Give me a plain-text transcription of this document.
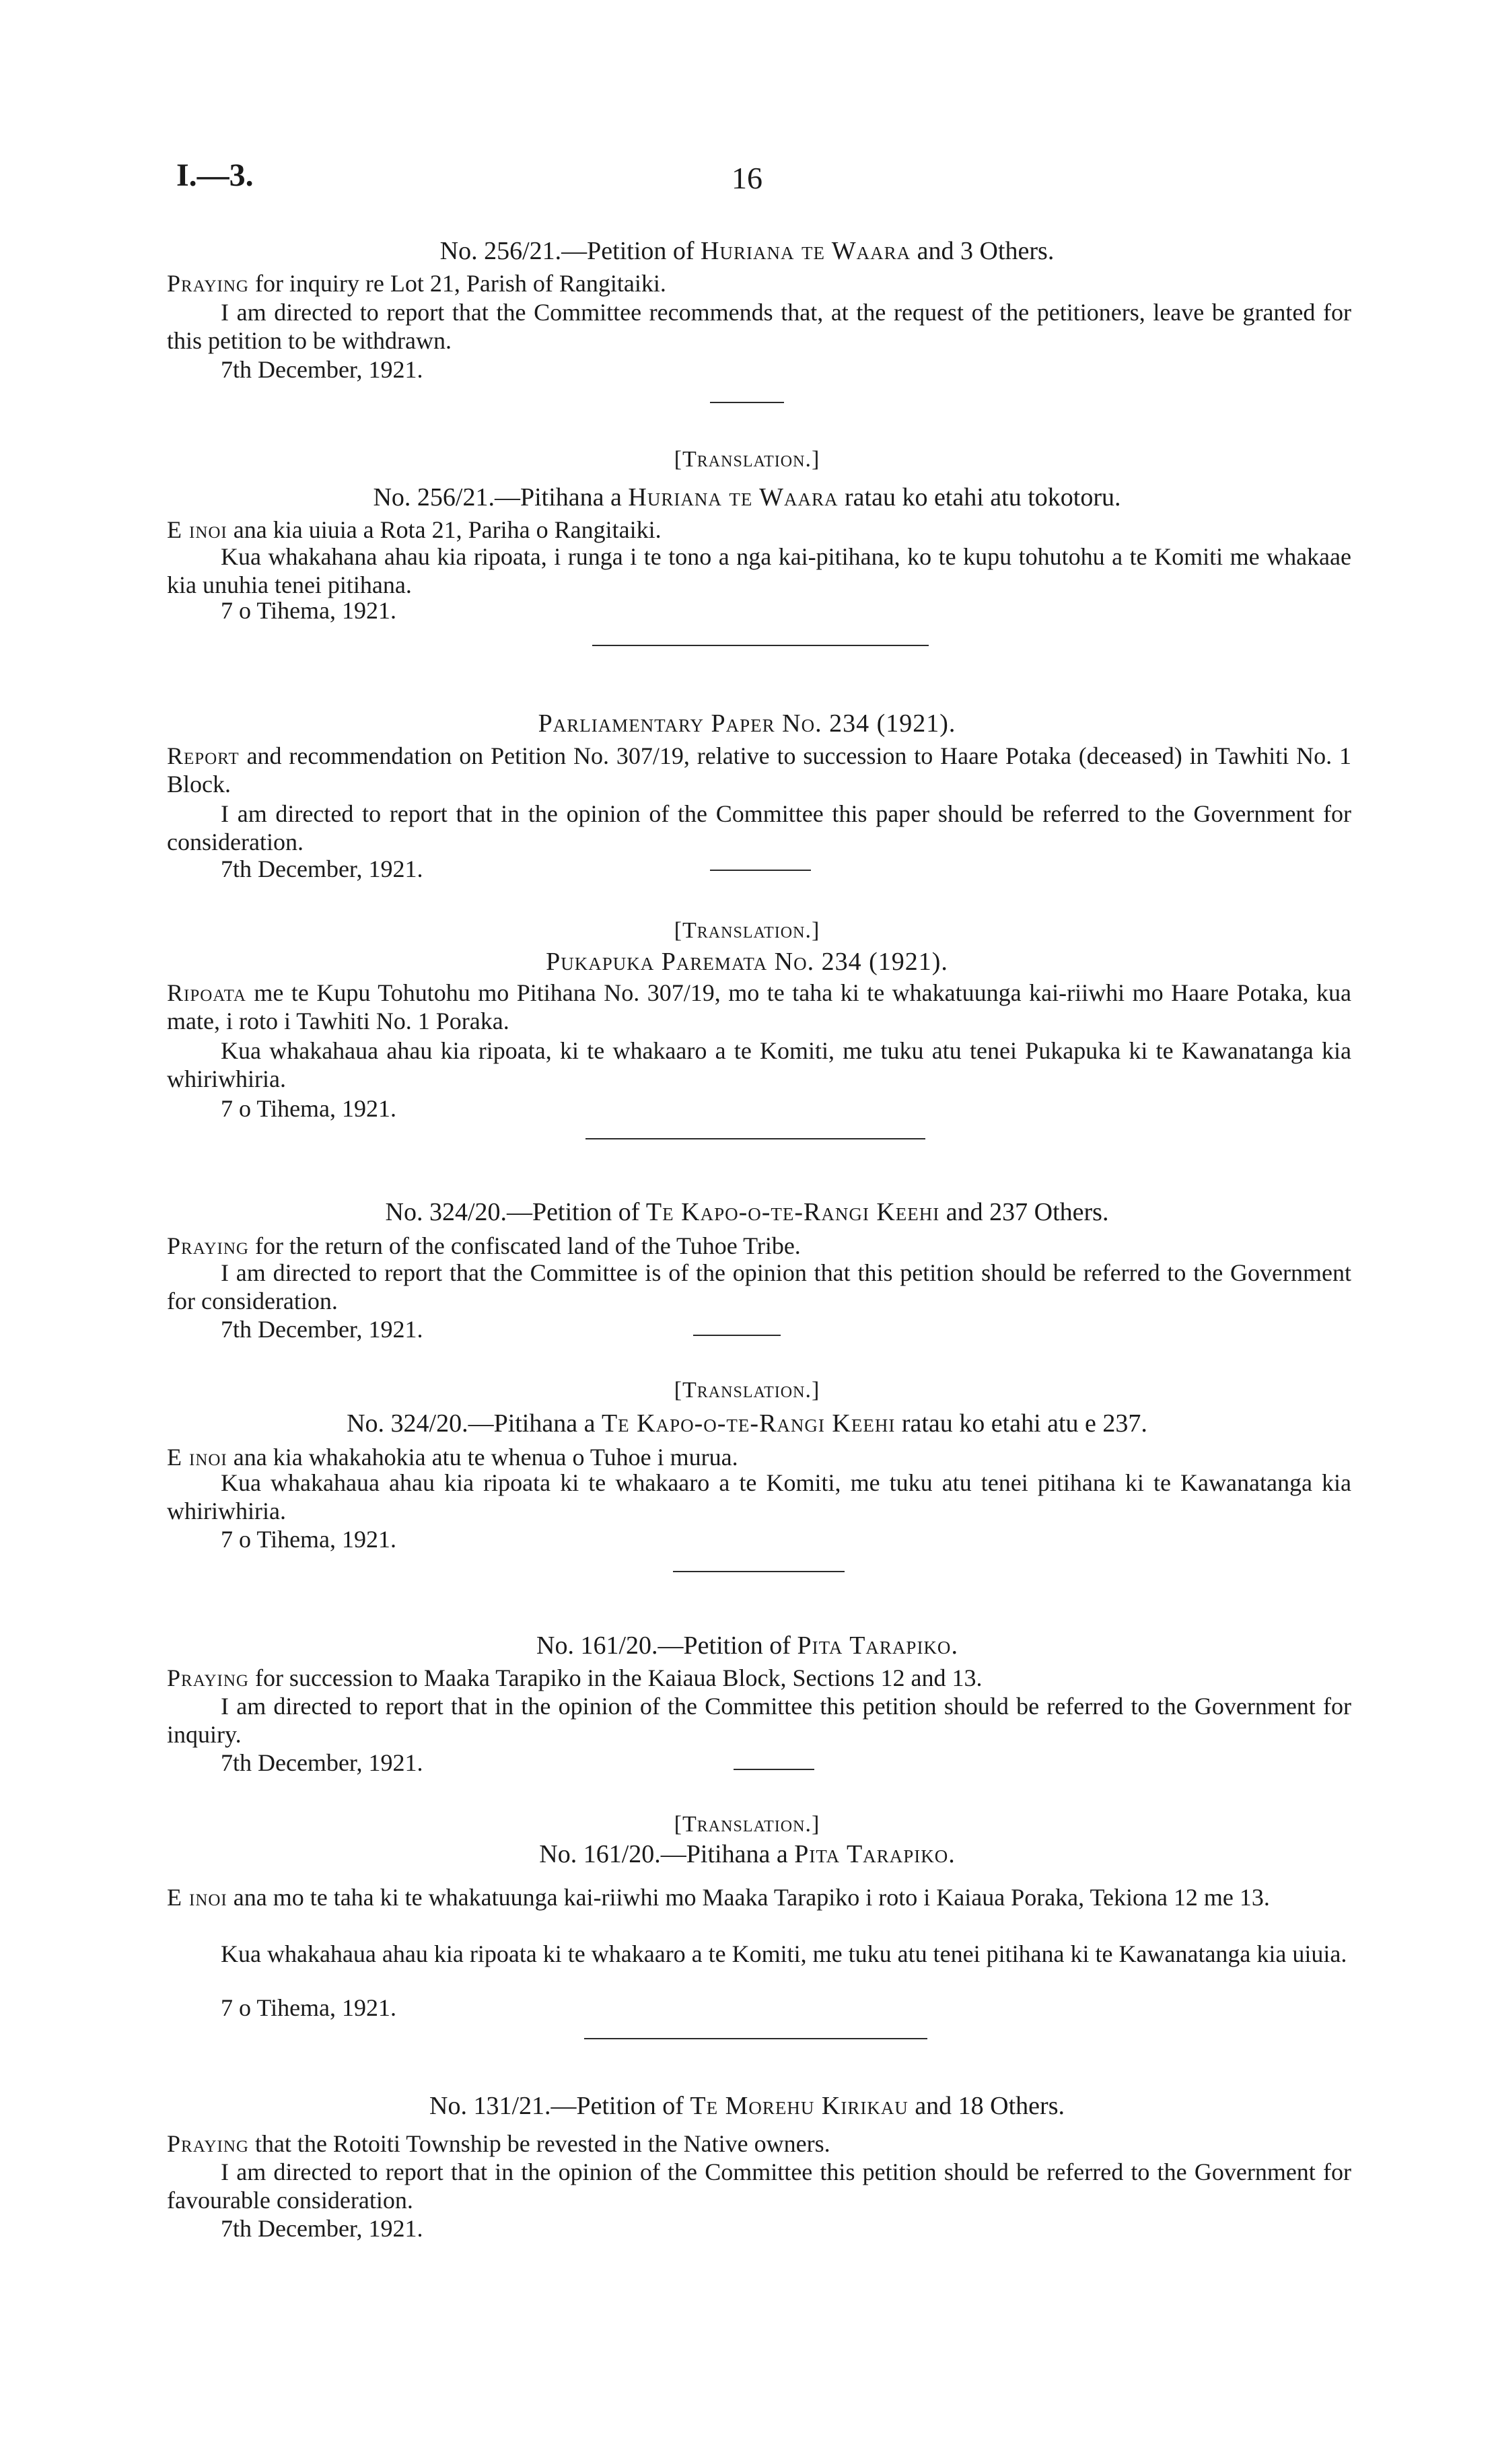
I.—3.	16
No. 256/21.—Petition of Huriana te Waara and 3 Others.
Praying for inquiry re Lot 21, Parish of Rangitaiki.
I am directed to report that the Committee recommends that, at the request of the petitioners, leave be granted for this petition to be withdrawn.
7th December, 1921.
[Translation.]
No. 256/21.—Pitihana a Huriana te Waara ratau ko etahi atu tokotoru.
E inoi ana kia uiuia a Rota 21, Pariha o Rangitaiki.
Kua whakahana ahau kia ripoata, i runga i te tono a nga kai-pitihana, ko te kupu tohutohu a te Komiti me whakaae kia unuhia tenei pitihana.
7 o Tihema, 1921.
Parliamentary Paper No. 234 (1921).
Report and recommendation on Petition No. 307/19, relative to succession to Haare Potaka (deceased) in Tawhiti No. 1 Block.
I am directed to report that in the opinion of the Committee this paper should be referred to the Government for consideration.
7th December, 1921.
[Translation.]
Pukapuka Paremata No. 234 (1921).
Ripoata me te Kupu Tohutohu mo Pitihana No. 307/19, mo te taha ki te whakatuunga kai-riiwhi mo Haare Potaka, kua mate, i roto i Tawhiti No. 1 Poraka.
Kua whakahaua ahau kia ripoata, ki te whakaaro a te Komiti, me tuku atu tenei Pukapuka ki te Kawanatanga kia whiriwhiria.
7 o Tihema, 1921.
No. 324/20.—Petition of Te Kapo-o-te-Rangi Keehi and 237 Others.
Praying for the return of the confiscated land of the Tuhoe Tribe.
I am directed to report that the Committee is of the opinion that this petition should be referred to the Government for consideration.
7th December, 1921.
[Translation.]
No. 324/20.—Pitihana a Te Kapo-o-te-Rangi Keehi ratau ko etahi atu e 237.
E inoi ana kia whakahokia atu te whenua o Tuhoe i murua.
Kua whakahaua ahau kia ripoata ki te whakaaro a te Komiti, me tuku atu tenei pitihana ki te Kawanatanga kia whiriwhiria.
7 o Tihema, 1921.
No. 161/20.—Petition of Pita Tarapiko.
Praying for succession to Maaka Tarapiko in the Kaiaua Block, Sections 12 and 13.
I am directed to report that in the opinion of the Committee this petition should be referred to the Government for inquiry.
7th December, 1921.
[Translation.]
No. 161/20.—Pitihana a Pita Tarapiko.
E inoi ana mo te taha ki te whakatuunga kai-riiwhi mo Maaka Tarapiko i roto i Kaiaua Poraka, Tekiona 12 me 13.
Kua whakahaua ahau kia ripoata ki te whakaaro a te Komiti, me tuku atu tenei pitihana ki te Kawanatanga kia uiuia.
7 o Tihema, 1921.
No. 131/21.—Petition of Te Morehu Kirikau and 18 Others.
Praying that the Rotoiti Township be revested in the Native owners.
I am directed to report that in the opinion of the Committee this petition should be referred to the Government for favourable consideration.
7th December, 1921.
